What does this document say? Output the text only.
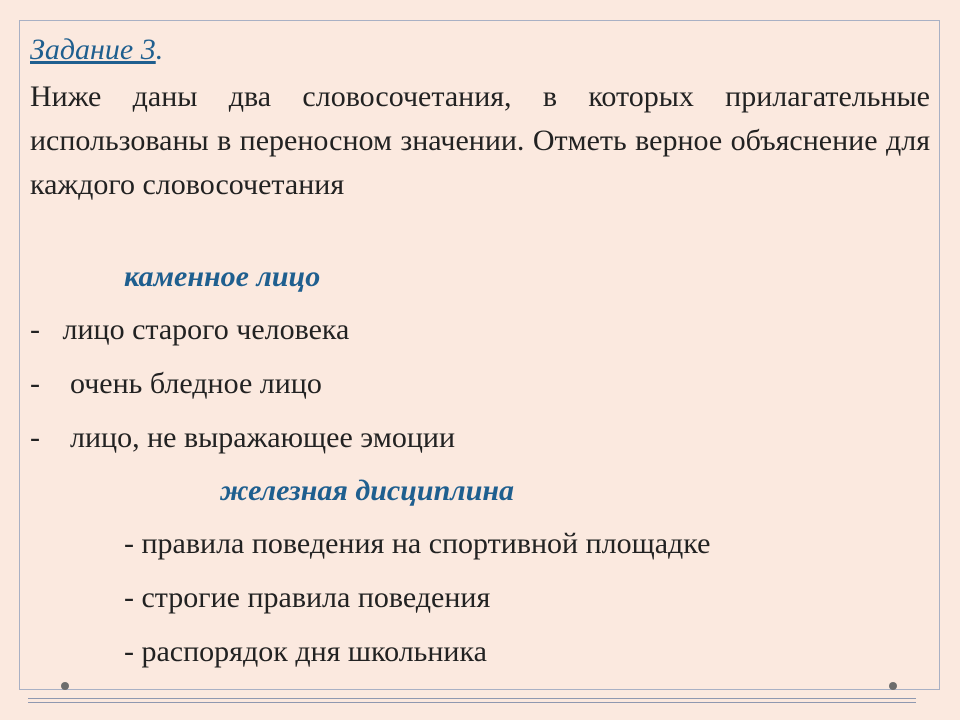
Задание 3.

Ниже даны два словосочетания, в которых прилагательные использованы в переносном значении. Отметь верное объяснение для каждого словосочетания

каменное лицо

-   лицо старого человека

-    очень бледное лицо

-    лицо, не выражающее эмоции

железная дисциплина

- правила поведения на спортивной площадке

- строгие правила поведения

- распорядок дня школьника
